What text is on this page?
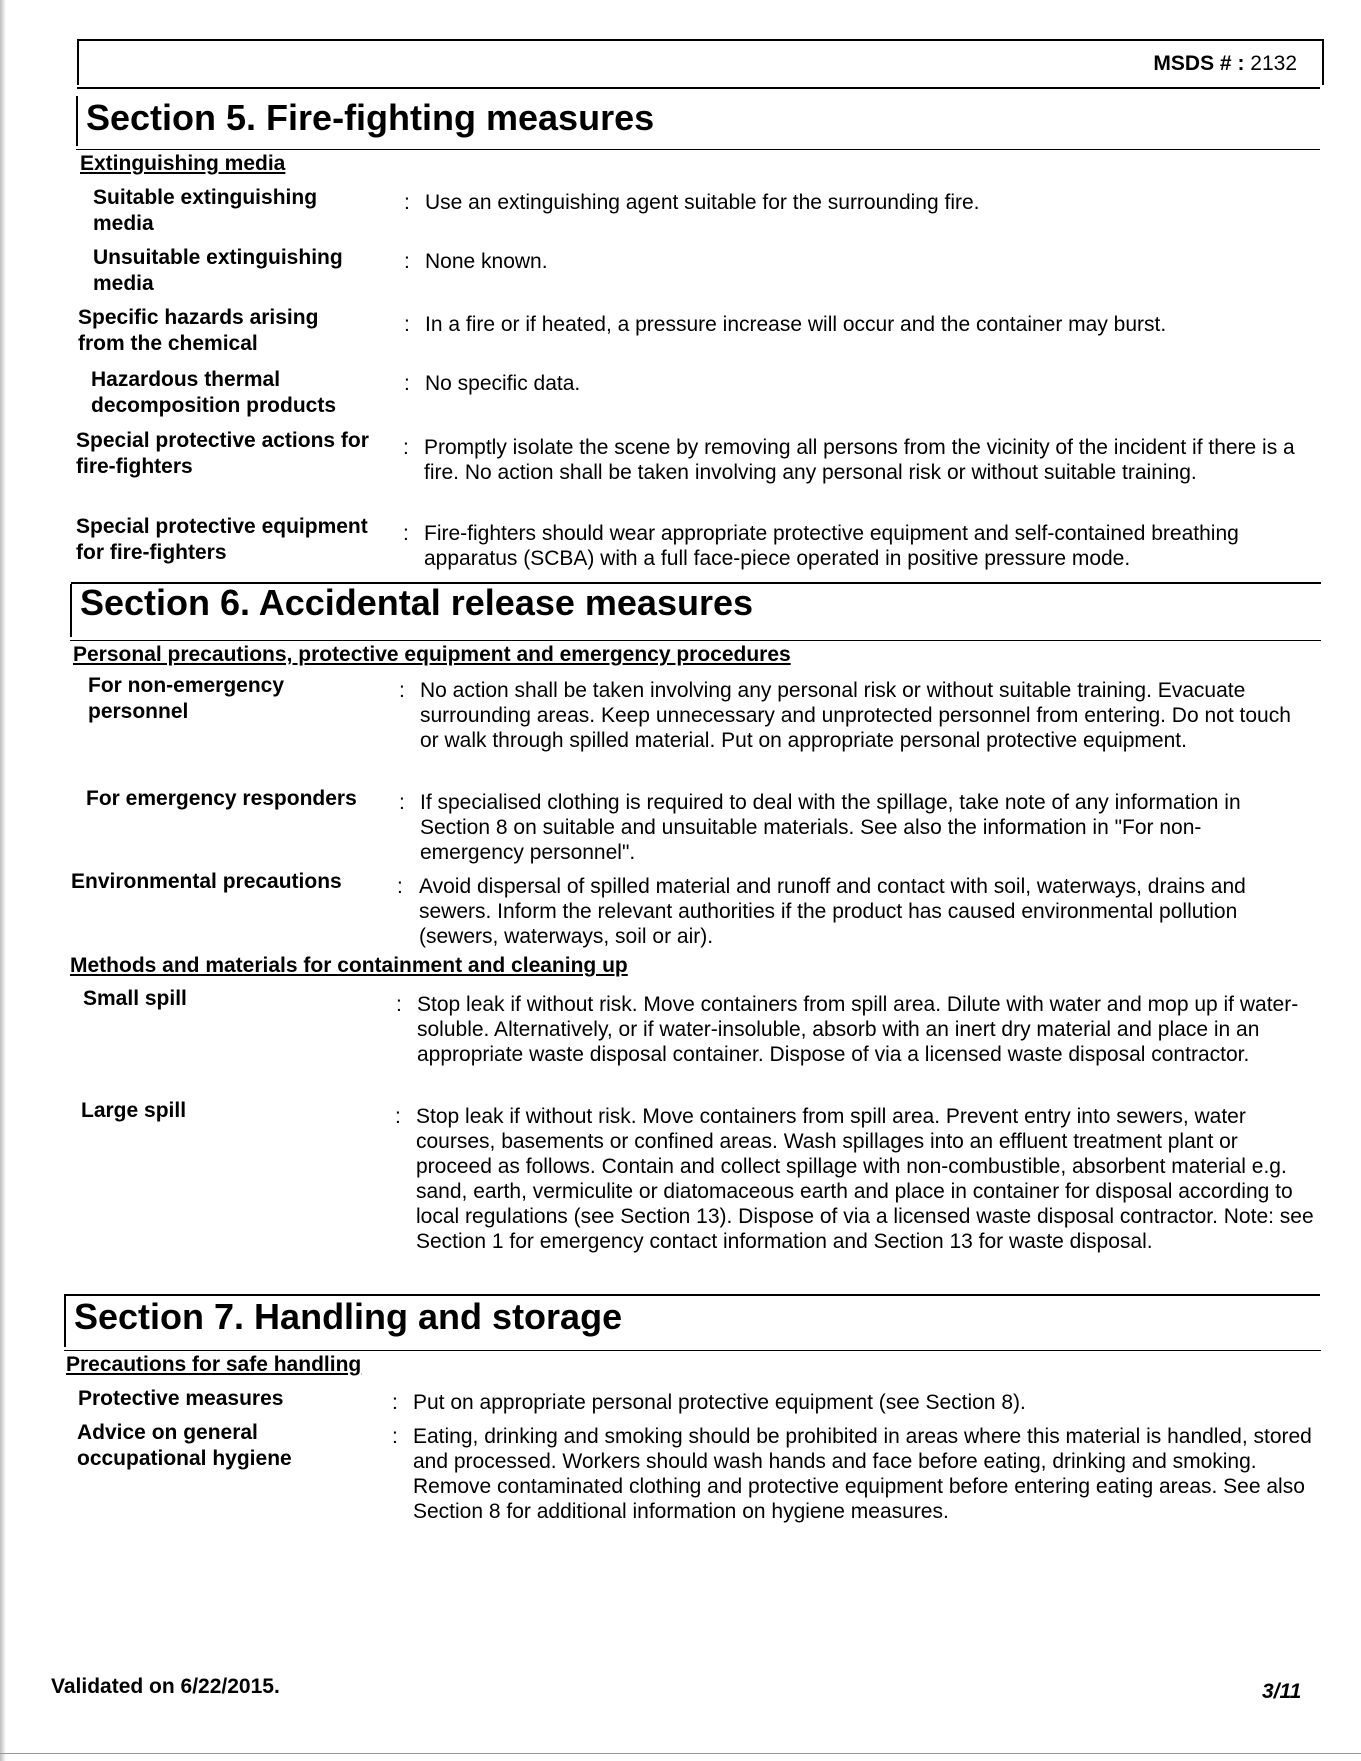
MSDS # : 2132
Section 5. Fire-fighting measures
Extinguishing media
Suitable extinguishing media
: Use an extinguishing agent suitable for the surrounding fire.
Unsuitable extinguishing media
: None known.
Specific hazards arising from the chemical
: In a fire or if heated, a pressure increase will occur and the container may burst.
Hazardous thermal decomposition products
: No specific data.
Special protective actions for fire-fighters
: Promptly isolate the scene by removing all persons from the vicinity of the incident if there is a fire. No action shall be taken involving any personal risk or without suitable training.
Special protective equipment for fire-fighters
: Fire-fighters should wear appropriate protective equipment and self-contained breathing apparatus (SCBA) with a full face-piece operated in positive pressure mode.
Section 6. Accidental release measures
Personal precautions, protective equipment and emergency procedures
For non-emergency personnel
: No action shall be taken involving any personal risk or without suitable training. Evacuate surrounding areas. Keep unnecessary and unprotected personnel from entering. Do not touch or walk through spilled material. Put on appropriate personal protective equipment.
For emergency responders	: If specialised clothing is required to deal with the spillage, take note of any information in Section 8 on suitable and unsuitable materials. See also the information in "For non-emergency personnel".
Environmental precautions	: Avoid dispersal of spilled material and runoff and contact with soil, waterways, drains and sewers. Inform the relevant authorities if the product has caused environmental pollution (sewers, waterways, soil or air).
Methods and materials for containment and cleaning up
Small spill	: Stop leak if without risk. Move containers from spill area. Dilute with water and mop up if water-soluble. Alternatively, or if water-insoluble, absorb with an inert dry material and place in an appropriate waste disposal container. Dispose of via a licensed waste disposal contractor.
Large spill	: Stop leak if without risk. Move containers from spill area. Prevent entry into sewers, water courses, basements or confined areas. Wash spillages into an effluent treatment plant or proceed as follows. Contain and collect spillage with non-combustible, absorbent material e.g. sand, earth, vermiculite or diatomaceous earth and place in container for disposal according to local regulations (see Section 13). Dispose of via a licensed waste disposal contractor. Note: see Section 1 for emergency contact information and Section 13 for waste disposal.
Section 7. Handling and storage
Precautions for safe handling
Protective measures	: Put on appropriate personal protective equipment (see Section 8).
Advice on general occupational hygiene
: Eating, drinking and smoking should be prohibited in areas where this material is handled, stored and processed. Workers should wash hands and face before eating, drinking and smoking. Remove contaminated clothing and protective equipment before entering eating areas. See also Section 8 for additional information on hygiene measures.
Validated on 6/22/2015.	3/11
